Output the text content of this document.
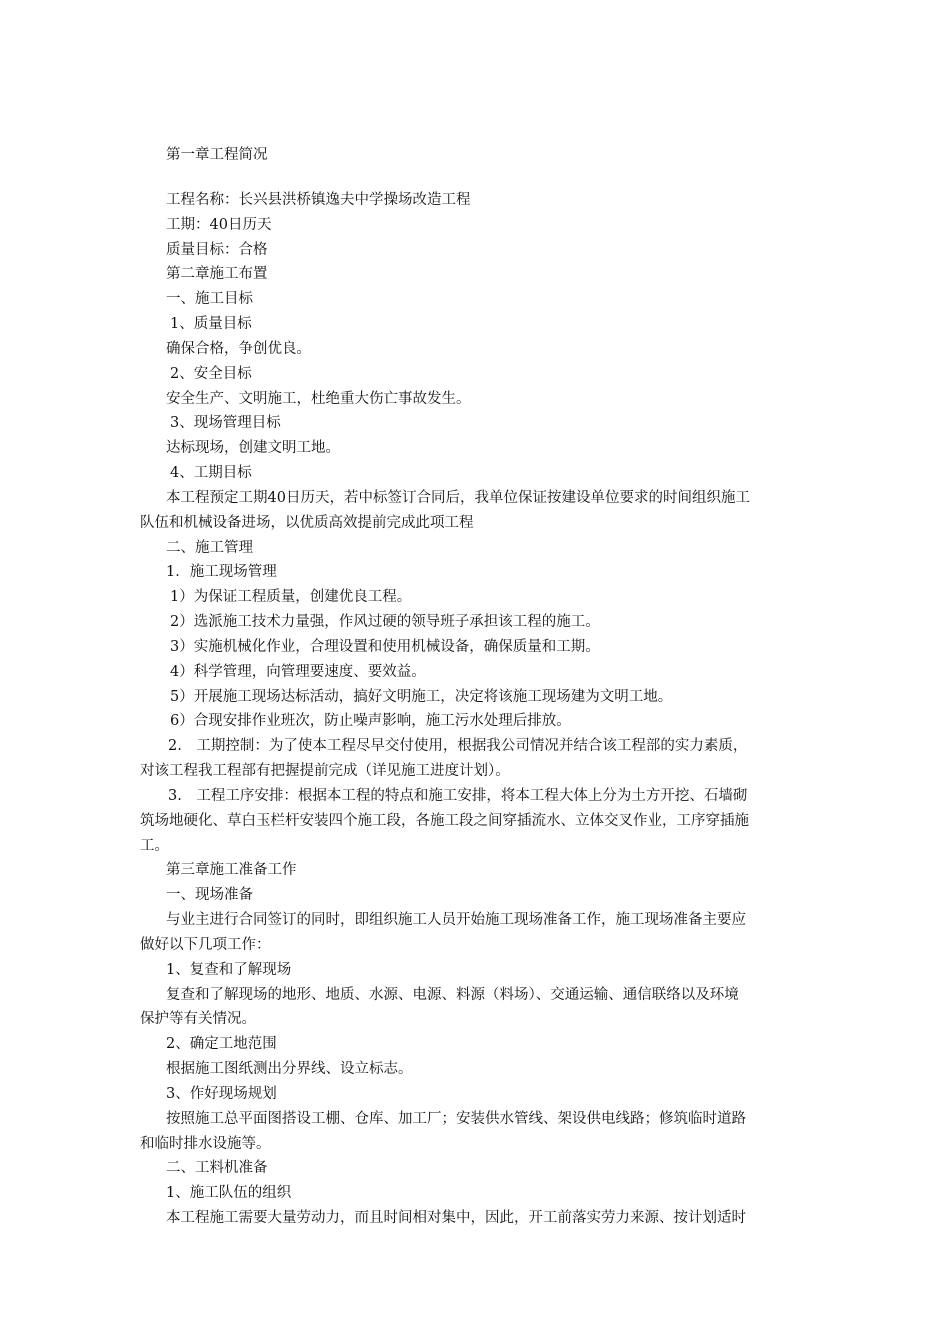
第一章工程简况
工程名称：长兴县洪桥镇逸夫中学操场改造工程
工期：40日历天
质量目标：合格
第二章施工布置
一、施工目标
1、质量目标
确保合格，争创优良。
2、安全目标
安全生产、文明施工，杜绝重大伤亡事故发生。
3、现场管理目标
达标现场，创建文明工地。
4、工期目标
本工程预定工期40日历天，若中标签订合同后，我单位保证按建设单位要求的时间组织施工
队伍和机械设备进场，以优质高效提前完成此项工程
二、施工管理
1．施工现场管理
1）为保证工程质量，创建优良工程。
2）选派施工技术力量强，作风过硬的领导班子承担该工程的施工。
3）实施机械化作业，合理设置和使用机械设备，确保质量和工期。
4）科学管理，向管理要速度、要效益。
5）开展施工现场达标活动，搞好文明施工，决定将该施工现场建为文明工地。
6）合现安排作业班次，防止噪声影响，施工污水处理后排放。
2.　工期控制：为了使本工程尽早交付使用，根据我公司情况并结合该工程部的实力素质，
对该工程我工程部有把握提前完成（详见施工进度计划）。
3.　工程工序安排：根据本工程的特点和施工安排，将本工程大体上分为土方开挖、石墙砌
筑场地硬化、草白玉栏杆安装四个施工段，各施工段之间穿插流水、立体交叉作业，工序穿插施
工。
第三章施工准备工作
一、现场准备
与业主进行合同签订的同时，即组织施工人员开始施工现场准备工作，施工现场准备主要应
做好以下几项工作：
1、复查和了解现场
复查和了解现场的地形、地质、水源、电源、料源（料场）、交通运输、通信联络以及环境
保护等有关情况。
2、确定工地范围
根据施工图纸测出分界线、设立标志。
3、作好现场规划
按照施工总平面图搭设工棚、仓库、加工厂；安装供水管线、架设供电线路；修筑临时道路
和临时排水设施等。
二、工料机准备
1、施工队伍的组织
本工程施工需要大量劳动力，而且时间相对集中，因此，开工前落实劳力来源、按计划适时
